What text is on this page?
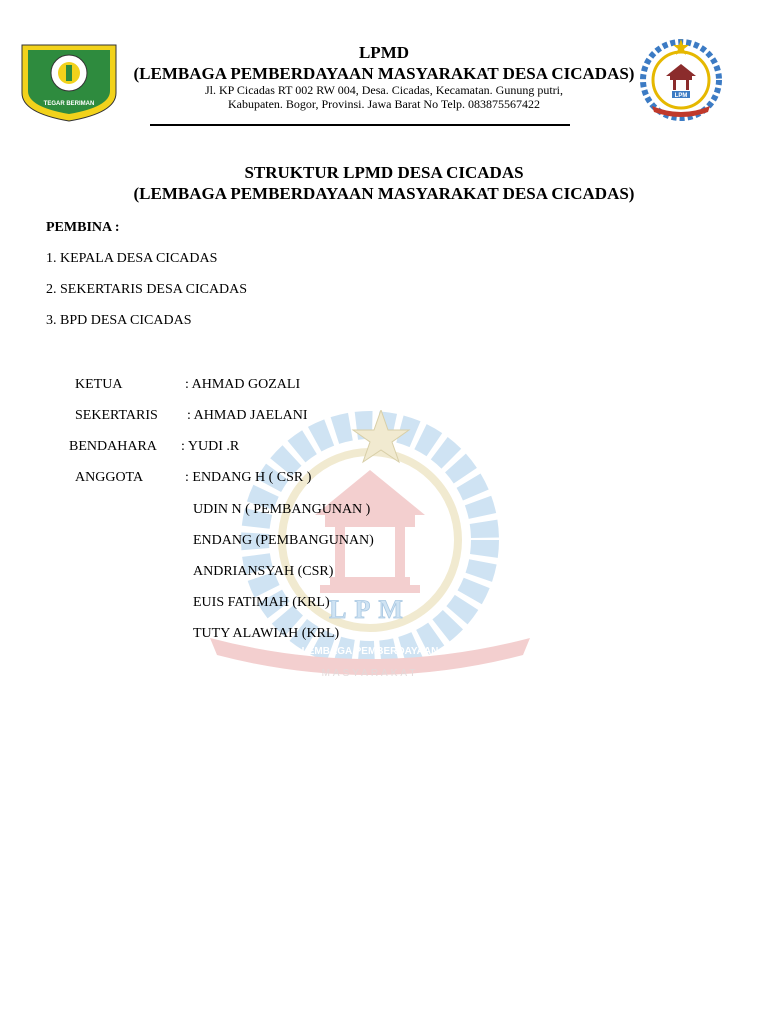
TEGAR BERIMAN
LPM
LPMD
(LEMBAGA PEMBERDAYAAN MASYARAKAT DESA CICADAS)
Jl. KP Cicadas RT 002 RW 004, Desa. Cicadas, Kecamatan. Gunung putri,
Kabupaten. Bogor, Provinsi. Jawa Barat No Telp. 083875567422
LPM
LEMBAGA PEMBERDAYAAN
MASYARAKAT
STRUKTUR LPMD DESA CICADAS
(LEMBAGA PEMBERDAYAAN MASYARAKAT DESA CICADAS)
PEMBINA :
1. KEPALA DESA CICADAS
2. SEKERTARIS DESA CICADAS
3. BPD DESA CICADAS
KETUA	: AHMAD GOZALI
SEKERTARIS : AHMAD JAELANI
BENDAHARA : YUDI .R
ANGGOTA	: ENDANG H ( CSR )
UDIN N ( PEMBANGUNAN )
ENDANG (PEMBANGUNAN)
ANDRIANSYAH (CSR)
EUIS FATIMAH (KRL)
TUTY ALAWIAH (KRL)
